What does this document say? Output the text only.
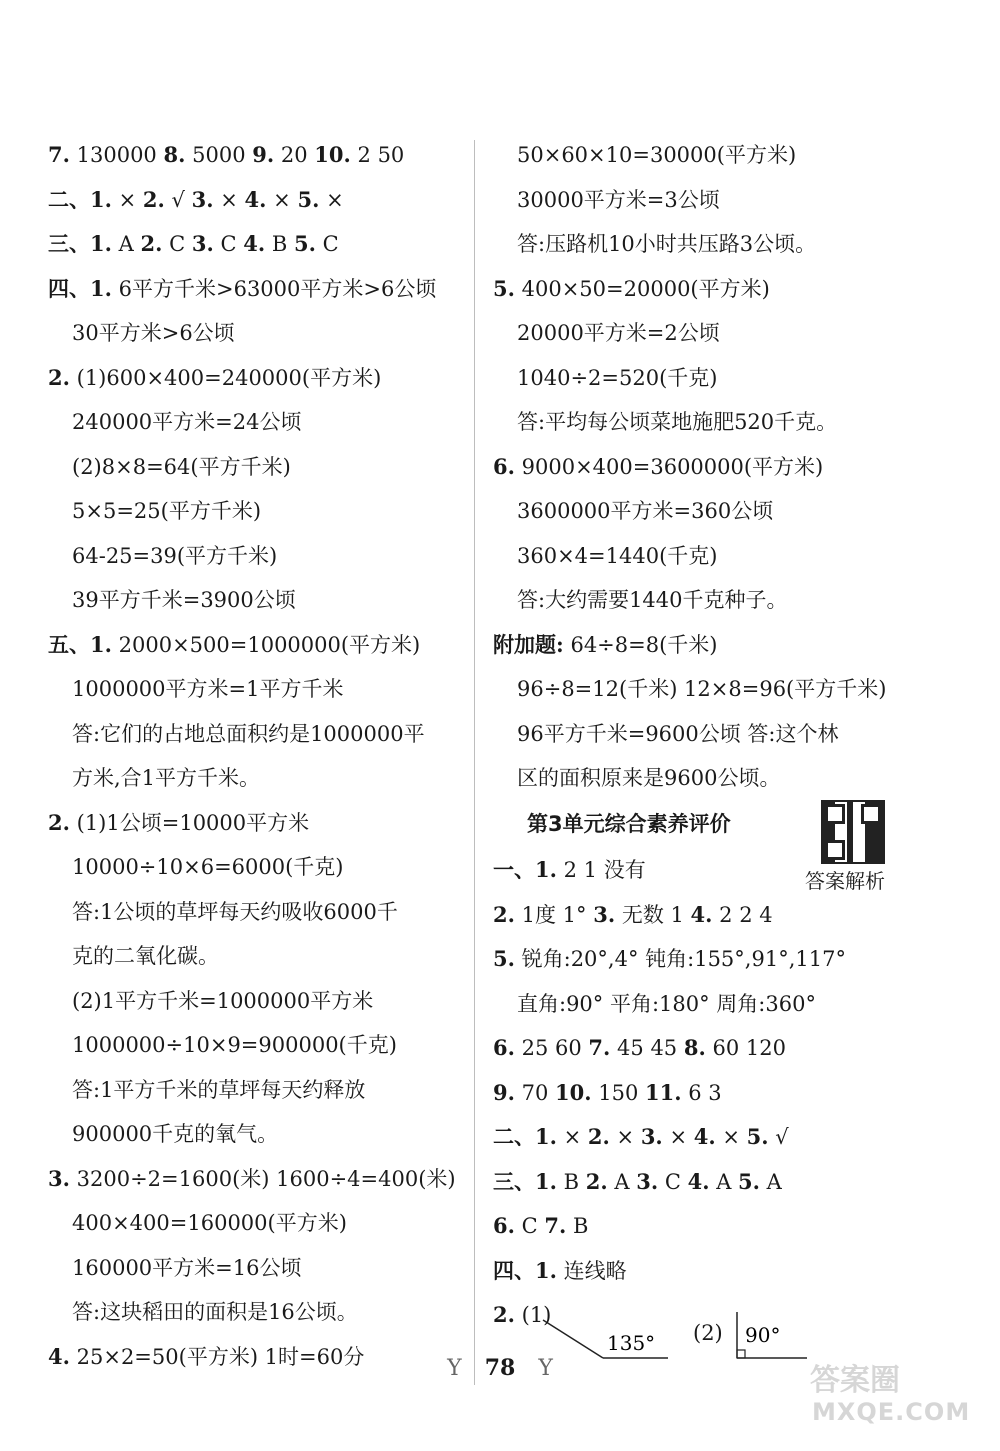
7. 130000 8. 5000 9. 20 10. 2 50
二、1. × 2. √ 3. × 4. × 5. ×
三、1. A 2. C 3. C 4. B 5. C
四、1. 6平方千米>63000平方米>6公顷
30平方米>6公顷
2. (1)600×400=240000(平方米)
240000平方米=24公顷
(2)8×8=64(平方千米)
5×5=25(平方千米)
64-25=39(平方千米)
39平方千米=3900公顷
五、1. 2000×500=1000000(平方米)
1000000平方米=1平方千米
答:它们的占地总面积约是1000000平
方米,合1平方千米。
2. (1)1公顷=10000平方米
10000÷10×6=6000(千克)
答:1公顷的草坪每天约吸收6000千
克的二氧化碳。
(2)1平方千米=1000000平方米
1000000÷10×9=900000(千克)
答:1平方千米的草坪每天约释放
900000千克的氧气。
3. 3200÷2=1600(米) 1600÷4=400(米)
400×400=160000(平方米)
160000平方米=16公顷
答:这块稻田的面积是16公顷。
4. 25×2=50(平方米) 1时=60分
第3单元综合素养评价
答案解析
135° (2) 90°
50×60×10=30000(平方米)
30000平方米=3公顷
答:压路机10小时共压路3公顷。
5. 400×50=20000(平方米)
20000平方米=2公顷
1040÷2=520(千克)
答:平均每公顷菜地施肥520千克。
6. 9000×400=3600000(平方米)
3600000平方米=360公顷
360×4=1440(千克)
答:大约需要1440千克种子。
附加题: 64÷8=8(千米)
96÷8=12(千米) 12×8=96(平方千米)
96平方千米=9600公顷 答:这个林
区的面积原来是9600公顷。
一、1. 2 1 没有
2. 1度 1° 3. 无数 1 4. 2 2 4
5. 锐角:20°,4° 钝角:155°,91°,117°
直角:90° 平角:180° 周角:360°
6. 25 60 7. 45 45 8. 60 120
9. 70 10. 150 11. 6 3
二、1. × 2. × 3. × 4. × 5. √
三、1. B 2. A 3. C 4. A 5. A
6. C 7. B
四、1. 连线略
2. (1)
Y 78 Y	答案圈
MXQE.COM
